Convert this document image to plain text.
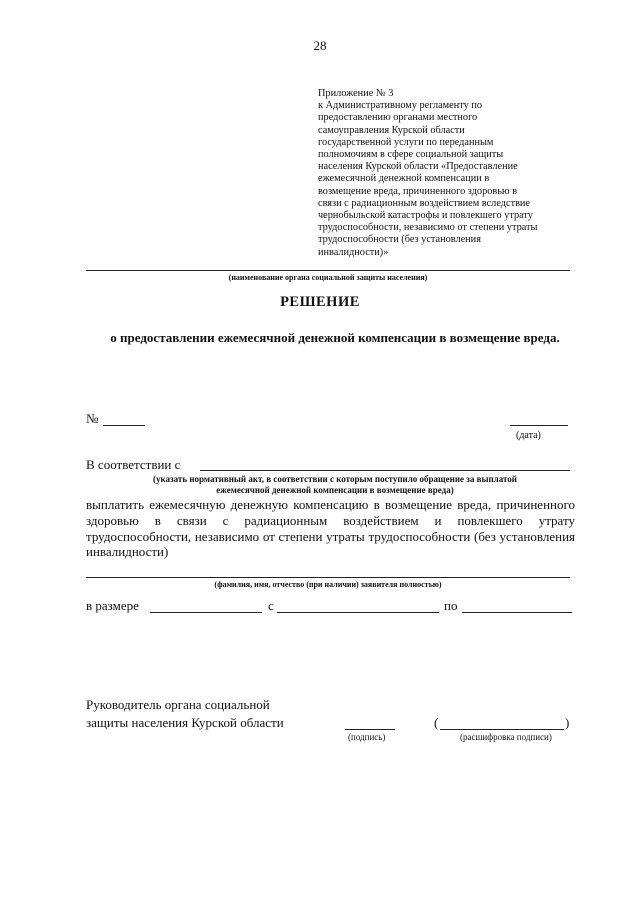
28
Приложение № 3
к Административному регламенту по
предоставлению органами местного
самоуправления Курской области
государственной услуги по переданным
полномочиям в сфере социальной защиты
населения Курской области «Предоставление
ежемесячной денежной компенсации в
возмещение вреда, причиненного здоровью в
связи с радиационным воздействием вследствие
чернобыльской катастрофы и повлекшего утрату
трудоспособности, независимо от степени утраты
трудоспособности (без установления
инвалидности)»
(наименование органа социальной защиты населения)
РЕШЕНИЕ
о предоставлении ежемесячной денежной компенсации в возмещение вреда.
№
(дата)
В соответствии с
(указать нормативный акт, в соответствии с которым поступило обращение за выплатой
ежемесячной денежной компенсации в возмещение вреда)
выплатить ежемесячную денежную компенсацию в возмещение вреда, причиненного здоровью в связи с радиационным воздействием и повлекшего утрату трудоспособности, независимо от степени утраты трудоспособности (без установления инвалидности)
(фамилия, имя, отчество (при наличии) заявителя полностью)
в размере	с	по
Руководитель органа социальной
защиты населения Курской области
(подпись)
(	)
(расшифровка подписи)
